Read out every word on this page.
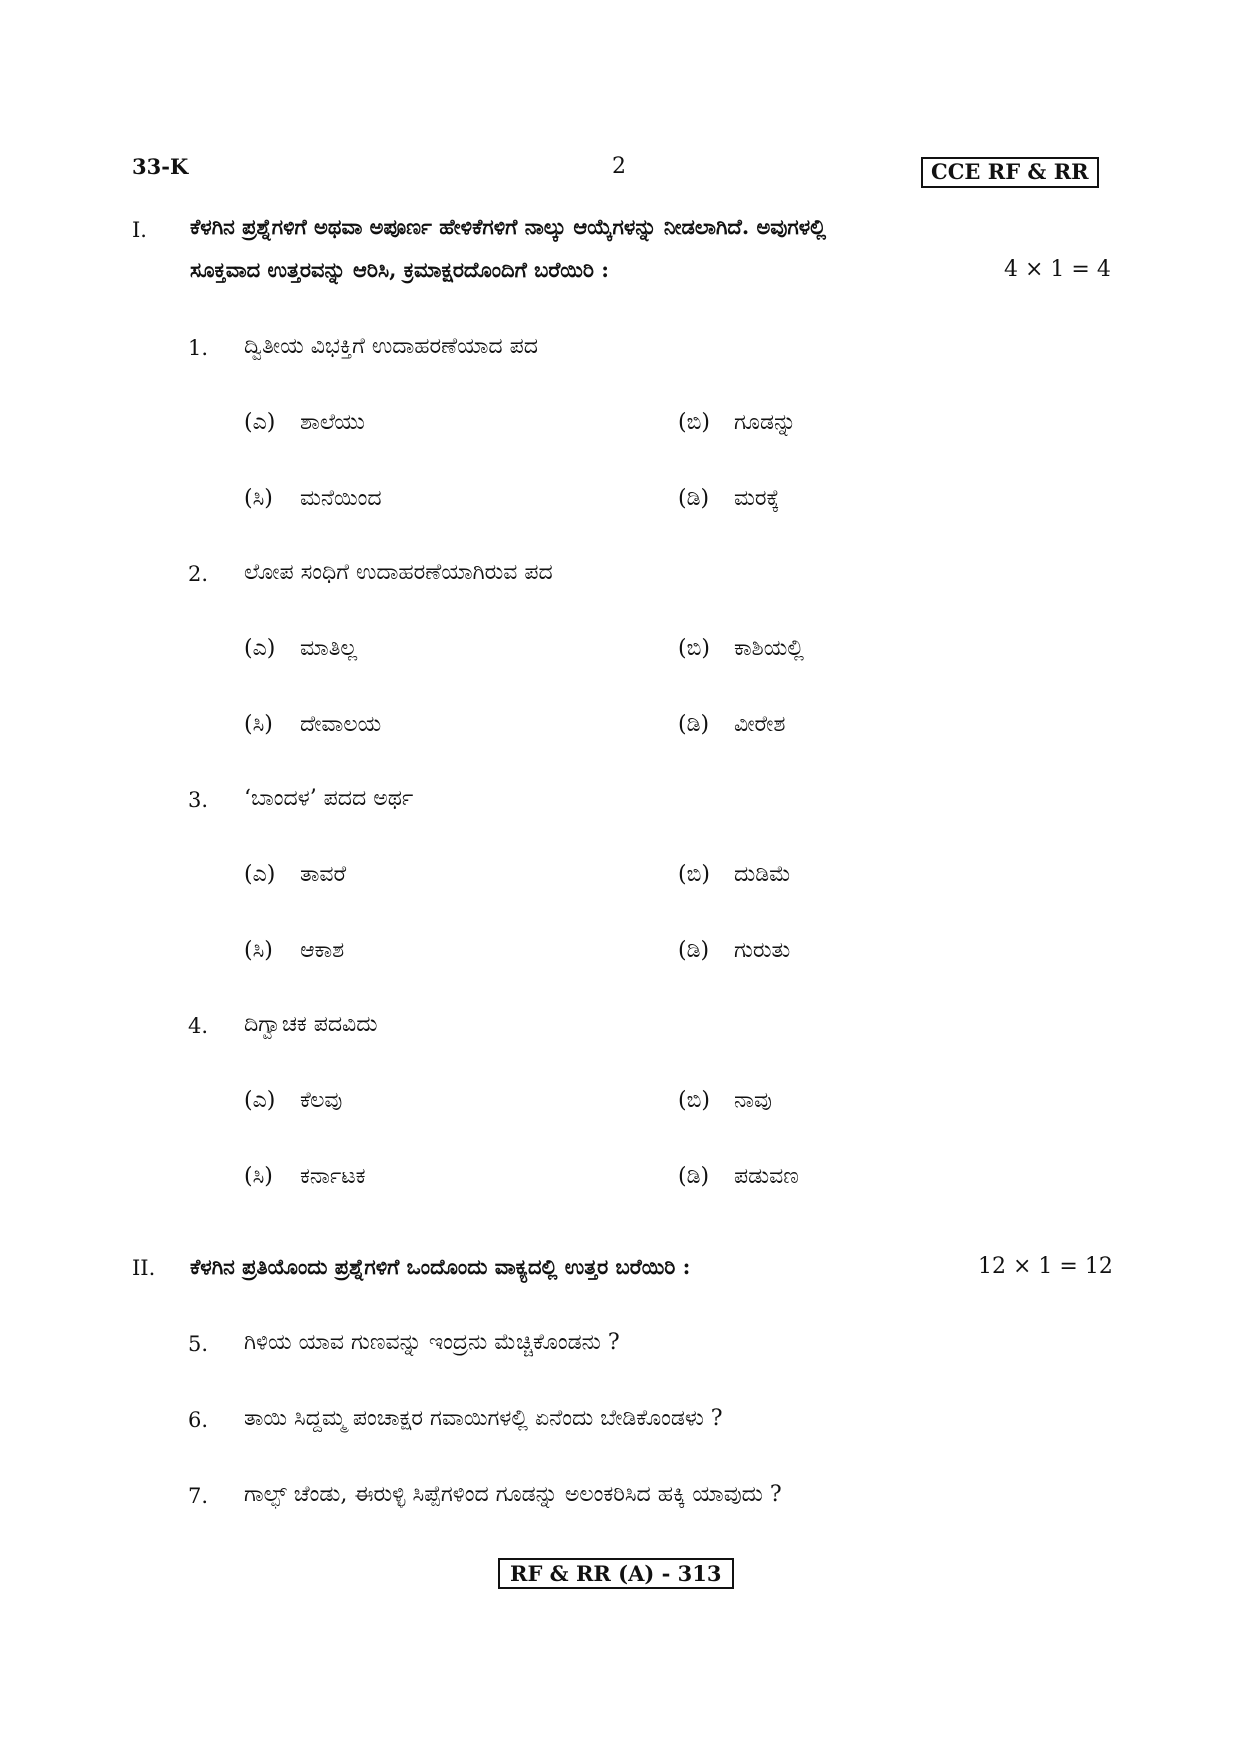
33-K	2	CCE RF & RR
I. ಕೆಳಗಿನ ಪ್ರಶ್ನೆಗಳಿಗೆ ಅಥವಾ ಅಪೂರ್ಣ ಹೇಳಿಕೆಗಳಿಗೆ ನಾಲ್ಕು ಆಯ್ಕೆಗಳನ್ನು ನೀಡಲಾಗಿದೆ. ಅವುಗಳಲ್ಲಿ
ಸೂಕ್ತವಾದ ಉತ್ತರವನ್ನು ಆರಿಸಿ, ಕ್ರಮಾಕ್ಷರದೊಂದಿಗೆ ಬರೆಯಿರಿ :	4 × 1 = 4
1. ದ್ವಿತೀಯ ವಿಭಕ್ತಿಗೆ ಉದಾಹರಣೆಯಾದ ಪದ
(ಎ) ಶಾಲೆಯು	(ಬಿ) ಗೂಡನ್ನು
(ಸಿ) ಮನೆಯಿಂದ	(ಡಿ) ಮರಕ್ಕೆ
2. ಲೋಪ ಸಂಧಿಗೆ ಉದಾಹರಣೆಯಾಗಿರುವ ಪದ
(ಎ) ಮಾತಿಲ್ಲ	(ಬಿ) ಕಾಶಿಯಲ್ಲಿ
(ಸಿ) ದೇವಾಲಯ	(ಡಿ) ವೀರೇಶ
3. ‘ಬಾಂದಳ’ ಪದದ ಅರ್ಥ
(ಎ) ತಾವರೆ	(ಬಿ) ದುಡಿಮೆ
(ಸಿ) ಆಕಾಶ	(ಡಿ) ಗುರುತು
4. ದಿಗ್ವಾಚಕ ಪದವಿದು
(ಎ) ಕೆಲವು	(ಬಿ) ನಾವು
(ಸಿ) ಕರ್ನಾಟಕ	(ಡಿ) ಪಡುವಣ
II. ಕೆಳಗಿನ ಪ್ರತಿಯೊಂದು ಪ್ರಶ್ನೆಗಳಿಗೆ ಒಂದೊಂದು ವಾಕ್ಯದಲ್ಲಿ ಉತ್ತರ ಬರೆಯಿರಿ :	12 × 1 = 12
5. ಗಿಳಿಯ ಯಾವ ಗುಣವನ್ನು ಇಂದ್ರನು ಮೆಚ್ಚಿಕೊಂಡನು ?
6. ತಾಯಿ ಸಿದ್ದಮ್ಮ ಪಂಚಾಕ್ಷರ ಗವಾಯಿಗಳಲ್ಲಿ ಏನೆಂದು ಬೇಡಿಕೊಂಡಳು ?
7. ಗಾಲ್ಫ್ ಚೆಂಡು, ಈರುಳ್ಳಿ ಸಿಪ್ಪೆಗಳಿಂದ ಗೂಡನ್ನು ಅಲಂಕರಿಸಿದ ಹಕ್ಕಿ ಯಾವುದು ?
RF & RR (A) - 313
